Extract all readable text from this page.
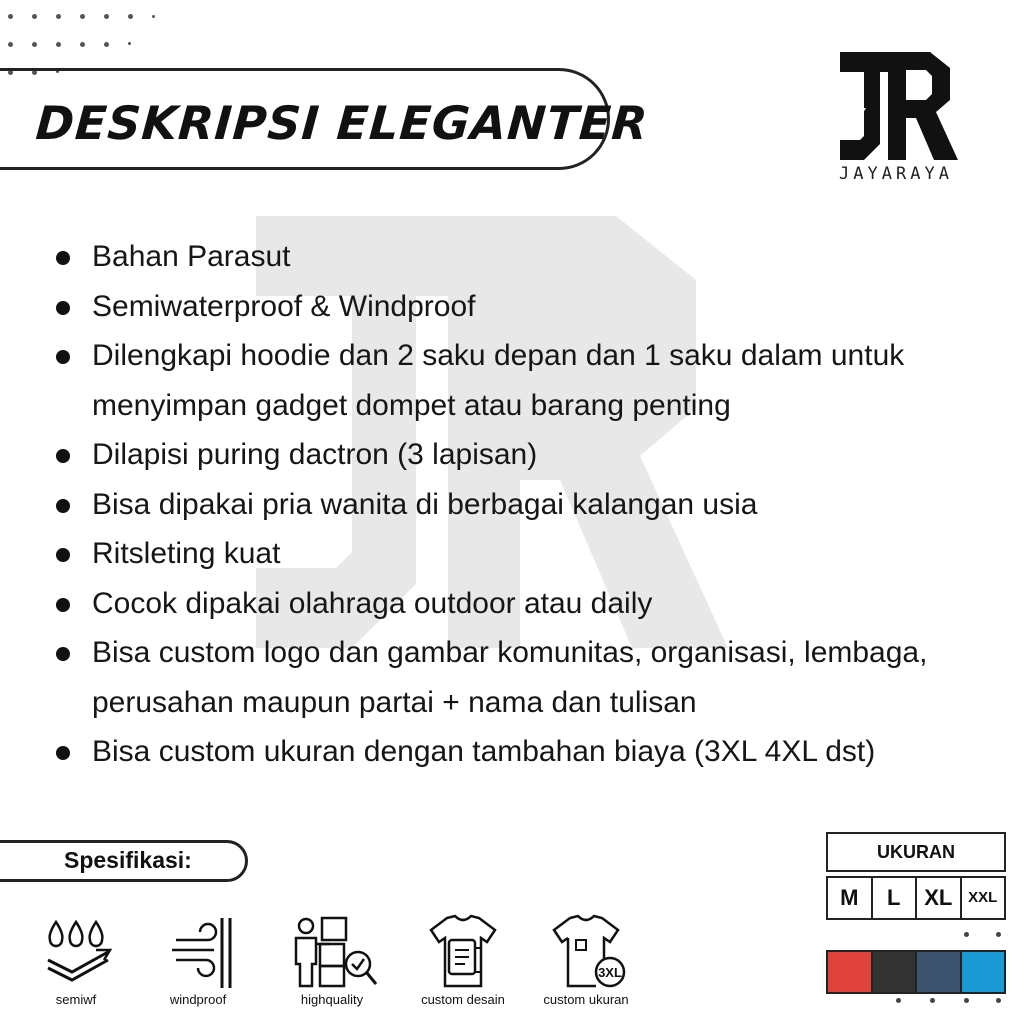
DESKRIPSI ELEGANTER
JAYARAYA
Bahan Parasut
Semiwaterproof & Windproof
Dilengkapi hoodie dan 2 saku depan dan 1 saku dalam untuk menyimpan gadget dompet atau barang penting
Dilapisi puring dactron (3 lapisan)
Bisa dipakai pria wanita di berbagai kalangan usia
Ritsleting kuat
Cocok dipakai olahraga outdoor atau daily
Bisa custom logo dan gambar komunitas, organisasi, lembaga, perusahan maupun partai + nama dan tulisan
Bisa custom ukuran dengan tambahan biaya (3XL 4XL dst)
Spesifikasi:
semiwf	windproof	highquality	custom desain
3XL
custom ukuran
UKURAN
M	L	XL	XXL
